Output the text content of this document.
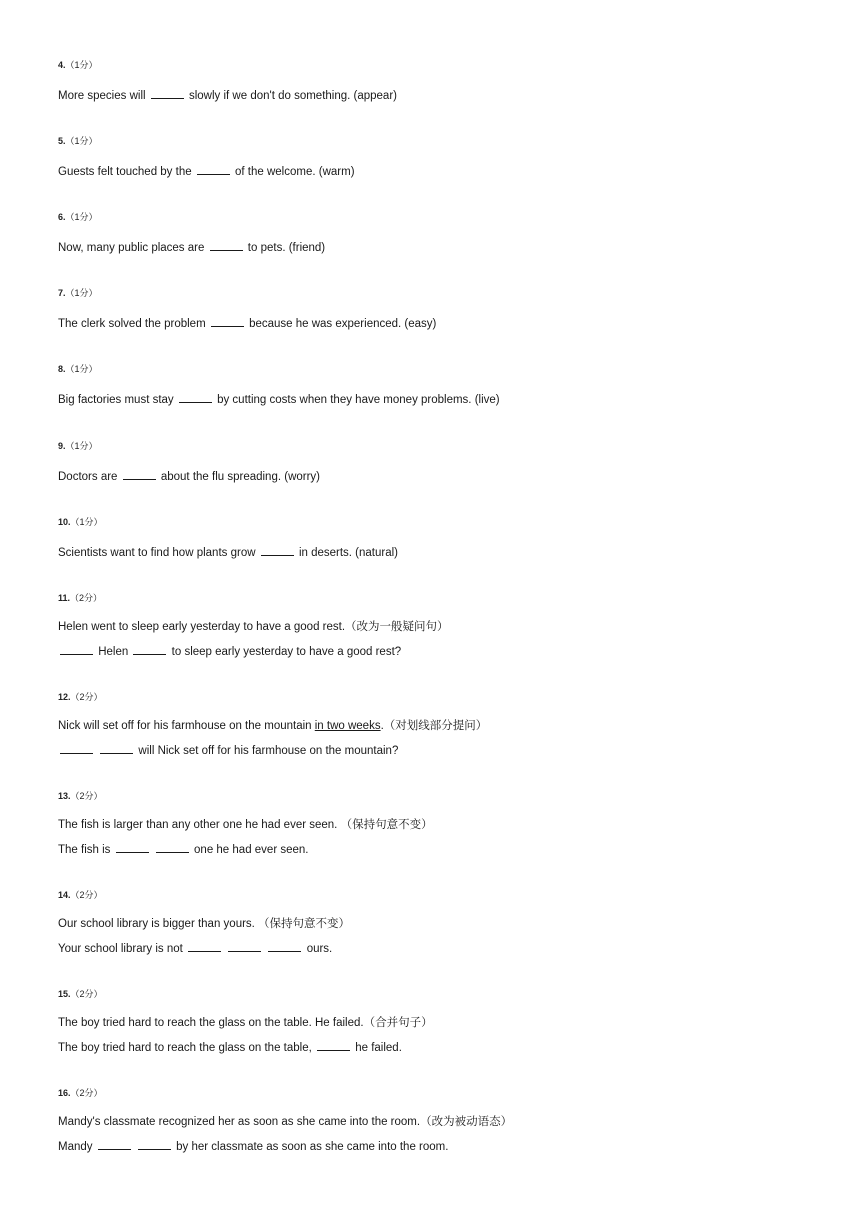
4.（1分）
More species will	slowly if we don't do something. (appear)
5.（1分）
Guests felt touched by the	of the welcome. (warm)
6.（1分）
Now, many public places are	to pets. (friend)
7.（1分）
The clerk solved the problem	because he was experienced. (easy)
8.（1分）
Big factories must stay	by cutting costs when they have money problems. (live)
9.（1分）
Doctors are	about the flu spreading. (worry)
10.（1分）
Scientists want to find how plants grow	in deserts. (natural)
11.（2分）
Helen went to sleep early yesterday to have a good rest.（改为一般疑问句）
Helen	to sleep early yesterday to have a good rest?
12.（2分）
Nick will set off for his farmhouse on the mountain in two weeks.（对划线部分提问）
will Nick set off for his farmhouse on the mountain?
13.（2分）
The fish is larger than any other one he had ever seen. （保持句意不变）
The fish is	one he had ever seen.
14.（2分）
Our school library is bigger than yours. （保持句意不变）
Your school library is not	ours.
15.（2分）
The boy tried hard to reach the glass on the table. He failed.（合并句子）
The boy tried hard to reach the glass on the table,	he failed.
16.（2分）
Mandy's classmate recognized her as soon as she came into the room.（改为被动语态）
Mandy	by her classmate as soon as she came into the room.
